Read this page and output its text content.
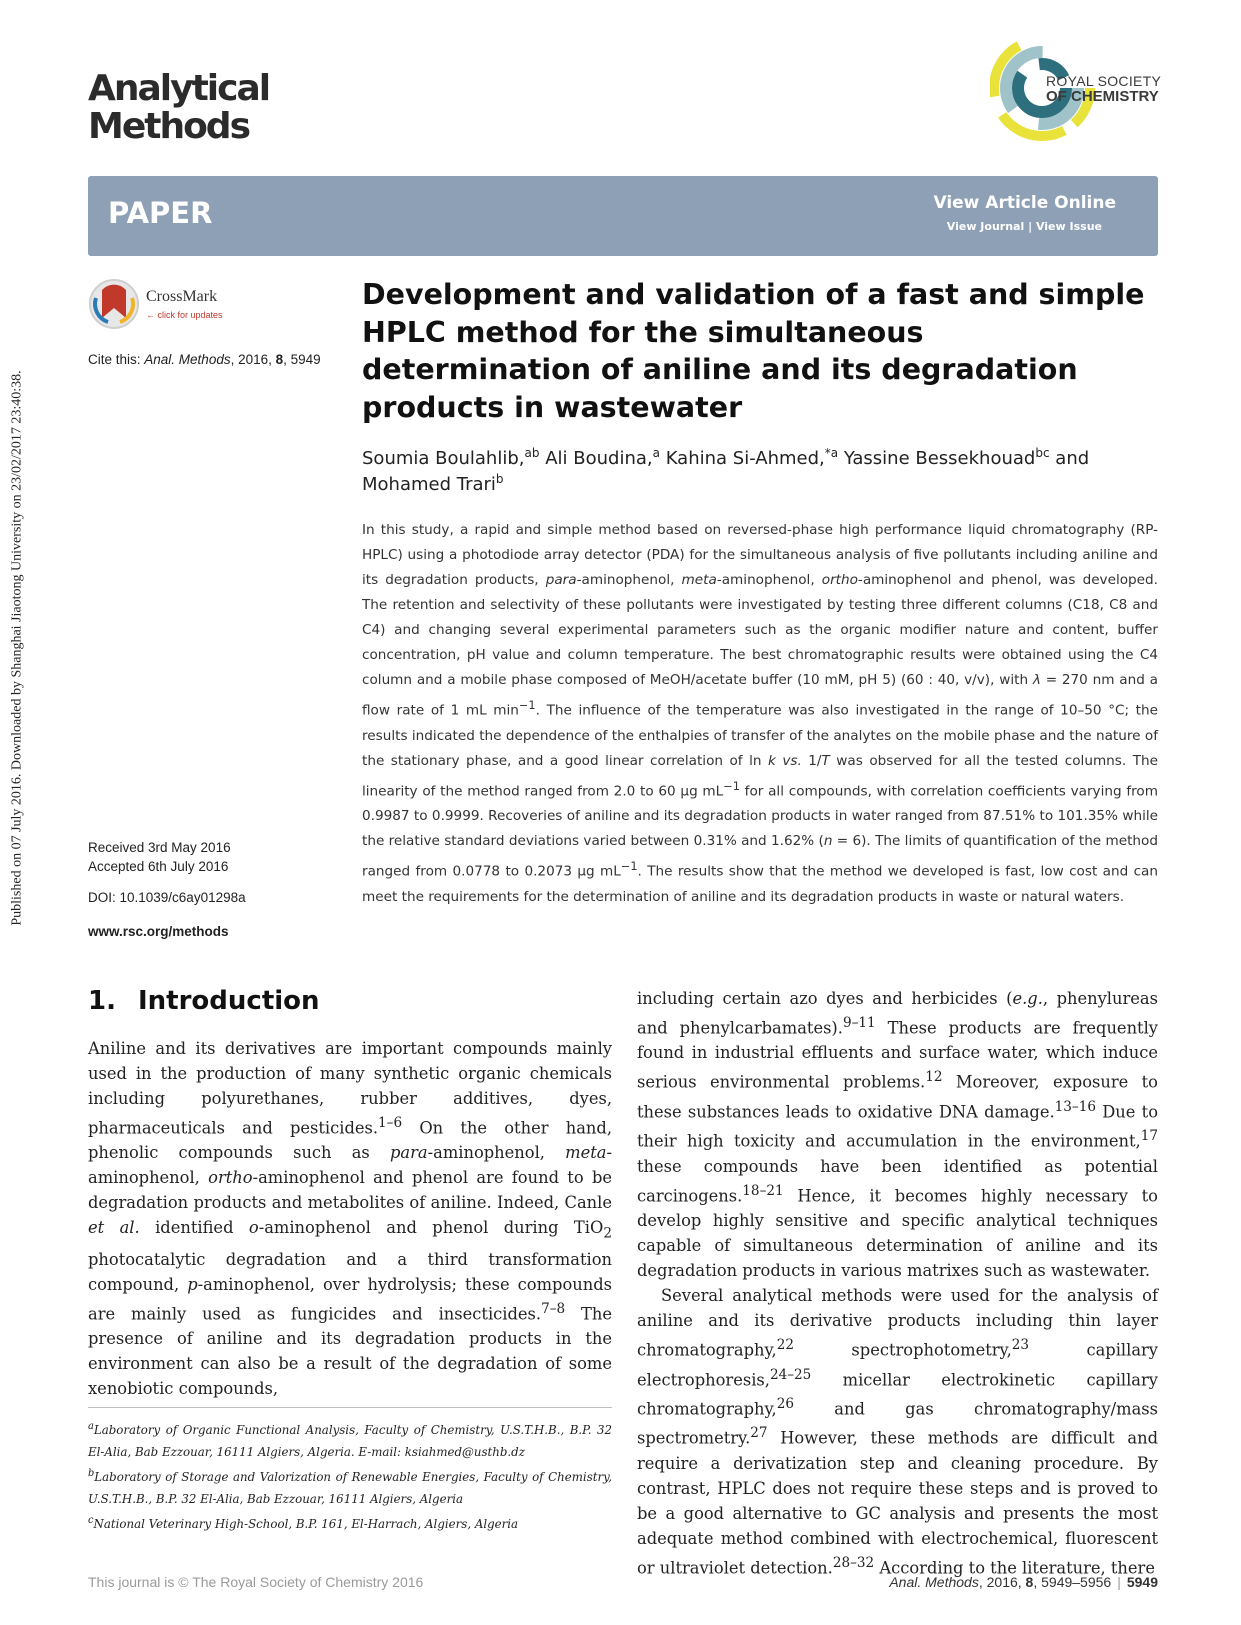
Published on 07 July 2016. Downloaded by Shanghai Jiaotong University on 23/02/2017 23:40:38.
Analytical
Methods
ROYAL SOCIETY
OF CHEMISTRY
PAPER	View Article Online
View Journal | View Issue
CrossMark
← click for updates
Cite this: Anal. Methods, 2016, 8, 5949
Development and validation of a fast and simple HPLC method for the simultaneous determination of aniline and its degradation products in wastewater
Soumia Boulahlib,$^{ab}$ Ali Boudina,$^a$ Kahina Si-Ahmed,$^{*a}$ Yassine Bessekhouad$^{bc}$ and Mohamed Trari$^b$
In this study, a rapid and simple method based on reversed-phase high performance liquid chromatography (RP-HPLC) using a photodiode array detector (PDA) for the simultaneous analysis of five pollutants including aniline and its degradation products, para-aminophenol, meta-aminophenol, ortho-aminophenol and phenol, was developed. The retention and selectivity of these pollutants were investigated by testing three different columns (C18, C8 and C4) and changing several experimental parameters such as the organic modifier nature and content, buffer concentration, pH value and column temperature. The best chromatographic results were obtained using the C4 column and a mobile phase composed of MeOH/acetate buffer (10 mM, pH 5) (60 : 40, v/v), with λ = 270 nm and a flow rate of 1 mL $\min^{-1}$. The influence of the temperature was also investigated in the range of 10–50 °C; the results indicated the dependence of the enthalpies of transfer of the analytes on the mobile phase and the nature of the stationary phase, and a good linear correlation of ln k vs. 1/T was observed for all the tested columns. The linearity of the method ranged from 2.0 to 60 μg $mL^{-1}$ for all compounds, with correlation coefficients varying from 0.9987 to 0.9999. Recoveries of aniline and its degradation products in water ranged from 87.51% to 101.35% while the relative standard deviations varied between 0.31% and 1.62% (n = 6). The limits of quantification of the method ranged from 0.0778 to 0.2073 μg $mL^{-1}$. The results show that the method we developed is fast, low cost and can meet the requirements for the determination of aniline and its degradation products in waste or natural waters.
Received 3rd May 2016
Accepted 6th July 2016
DOI: 10.1039/c6ay01298a
www.rsc.org/methods
1. Introduction

Aniline and its derivatives are important compounds mainly used in the production of many synthetic organic chemicals including polyurethanes, rubber additives, dyes, pharmaceuticals and pesticides.$^{1-6}$ On the other hand, phenolic compounds such as para-aminophenol, meta-aminophenol, ortho-aminophenol and phenol are found to be degradation products and metabolites of aniline. Indeed, Canle et al. identified o-aminophenol and phenol during TiO$_2$ photocatalytic degradation and a third transformation compound, p-aminophenol, over hydrolysis; these compounds are mainly used as fungicides and insecticides.$^{7-8}$ The presence of aniline and its degradation products in the environment can also be a result of the degradation of some xenobiotic compounds,

including certain azo dyes and herbicides (e.g., phenylureas and phenylcarbamates).$^{9-11}$ These products are frequently found in industrial effluents and surface water, which induce serious environmental problems.$^{12}$ Moreover, exposure to these substances leads to oxidative DNA damage.$^{13-16}$ Due to their high toxicity and accumulation in the environment,$^{17}$ these compounds have been identified as potential carcinogens.$^{18-21}$ Hence, it becomes highly necessary to develop highly sensitive and specific analytical techniques capable of simultaneous determination of aniline and its degradation products in various matrixes such as wastewater.

Several analytical methods were used for the analysis of aniline and its derivative products including thin layer chromatography,$^{22}$ spectrophotometry,$^{23}$ capillary electrophoresis,$^{24-25}$ micellar electrokinetic capillary chromatography,$^{26}$ and gas chromatography/mass spectrometry.$^{27}$ However, these methods are difficult and require a derivatization step and cleaning procedure. By contrast, HPLC does not require these steps and is proved to be a good alternative to GC analysis and presents the most adequate method combined with electrochemical, fluorescent or ultraviolet detection.$^{28-32}$ According to the literature, there

$^a$Laboratory of Organic Functional Analysis, Faculty of Chemistry, U.S.T.H.B., B.P. 32 El-Alia, Bab Ezzouar, 16111 Algiers, Algeria. E-mail: ksiahmed@usthb.dz

$^b$Laboratory of Storage and Valorization of Renewable Energies, Faculty of Chemistry, U.S.T.H.B., B.P. 32 El-Alia, Bab Ezzouar, 16111 Algiers, Algeria

$^c$National Veterinary High-School, B.P. 161, El-Harrach, Algiers, Algeria

This journal is © The Royal Society of Chemistry 2016	Anal. Methods, 2016, 8, 5949–5956 | 5949
